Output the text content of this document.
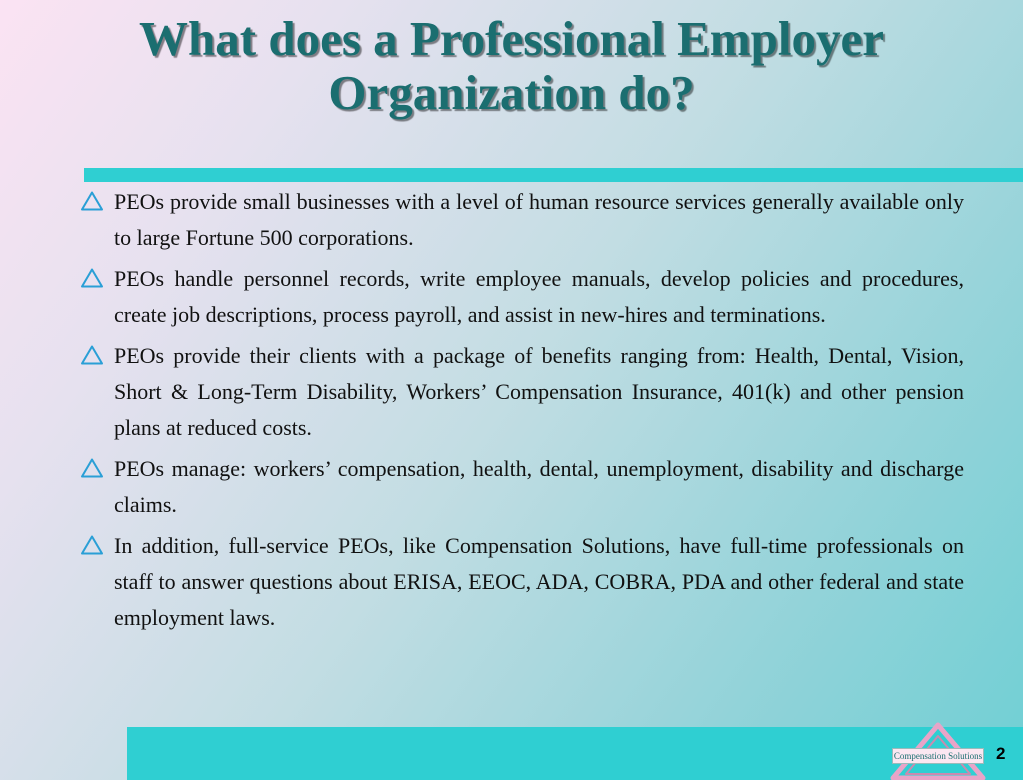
What does a Professional Employer
Organization do?
PEOs provide small businesses with a level of human resource services generally available only to large Fortune 500 corporations.
PEOs handle personnel records, write employee manuals, develop policies and procedures, create job descriptions, process payroll, and assist in new-hires and terminations.
PEOs provide their clients with a package of benefits ranging from: Health, Dental, Vision, Short & Long-Term Disability, Workers’ Compensation Insurance, 401(k) and other pension plans at reduced costs.
PEOs manage: workers’ compensation, health, dental, unemployment, disability and discharge claims.
In addition, full-service PEOs, like Compensation Solutions, have full-time professionals on staff to answer questions about ERISA, EEOC, ADA, COBRA, PDA and other federal and state employment laws.
Compensation Solutions 2
